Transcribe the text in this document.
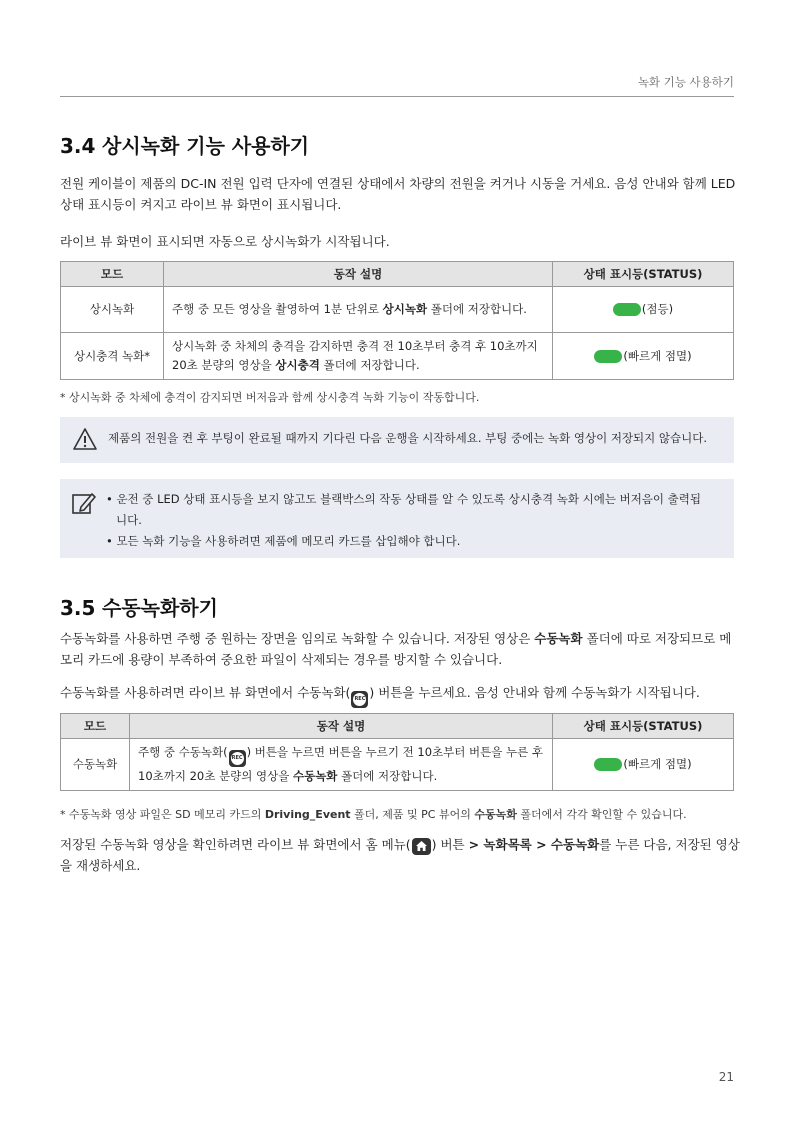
녹화 기능 사용하기
3.4 상시녹화 기능 사용하기
전원 케이블이 제품의 DC-IN 전원 입력 단자에 연결된 상태에서 차량의 전원을 켜거나 시동을 거세요. 음성 안내와 함께 LED 상태 표시등이 켜지고 라이브 뷰 화면이 표시됩니다.
라이브 뷰 화면이 표시되면 자동으로 상시녹화가 시작됩니다.
모드	동작 설명	상태 표시등(STATUS)
상시녹화	주행 중 모든 영상을 촬영하여 1분 단위로 상시녹화 폴더에 저장합니다.	(점등)
상시충격 녹화*	상시녹화 중 차체의 충격을 감지하면 충격 전 10초부터 충격 후 10초까지 20초 분량의 영상을 상시충격 폴더에 저장합니다.	(빠르게 점멸)
* 상시녹화 중 차체에 충격이 감지되면 버저음과 함께 상시충격 녹화 기능이 작동합니다.
제품의 전원을 켠 후 부팅이 완료될 때까지 기다린 다음 운행을 시작하세요. 부팅 중에는 녹화 영상이 저장되지 않습니다.
• 운전 중 LED 상태 표시등을 보지 않고도 블랙박스의 작동 상태를 알 수 있도록 상시충격 녹화 시에는 버저음이 출력됩니다.
• 모든 녹화 기능을 사용하려면 제품에 메모리 카드를 삽입해야 합니다.
3.5 수동녹화하기
수동녹화를 사용하면 주행 중 원하는 장면을 임의로 녹화할 수 있습니다. 저장된 영상은 수동녹화 폴더에 따로 저장되므로 메모리 카드에 용량이 부족하여 중요한 파일이 삭제되는 경우를 방지할 수 있습니다.
수동녹화를 사용하려면 라이브 뷰 화면에서 수동녹화( REC ) 버튼을 누르세요. 음성 안내와 함께 수동녹화가 시작됩니다.
모드	동작 설명	상태 표시등(STATUS)
수동녹화	주행 중 수동녹화( REC ) 버튼을 누르면 버튼을 누르기 전 10초부터 버튼을 누른 후 10초까지 20초 분량의 영상을 수동녹화 폴더에 저장합니다.	(빠르게 점멸)
* 수동녹화 영상 파일은 SD 메모리 카드의 Driving_Event 폴더, 제품 및 PC 뷰어의 수동녹화 폴더에서 각각 확인할 수 있습니다.
저장된 수동녹화 영상을 확인하려면 라이브 뷰 화면에서 홈 메뉴( ) 버튼 > 녹화목록 > 수동녹화를 누른 다음, 저장된 영상을 재생하세요.
21
